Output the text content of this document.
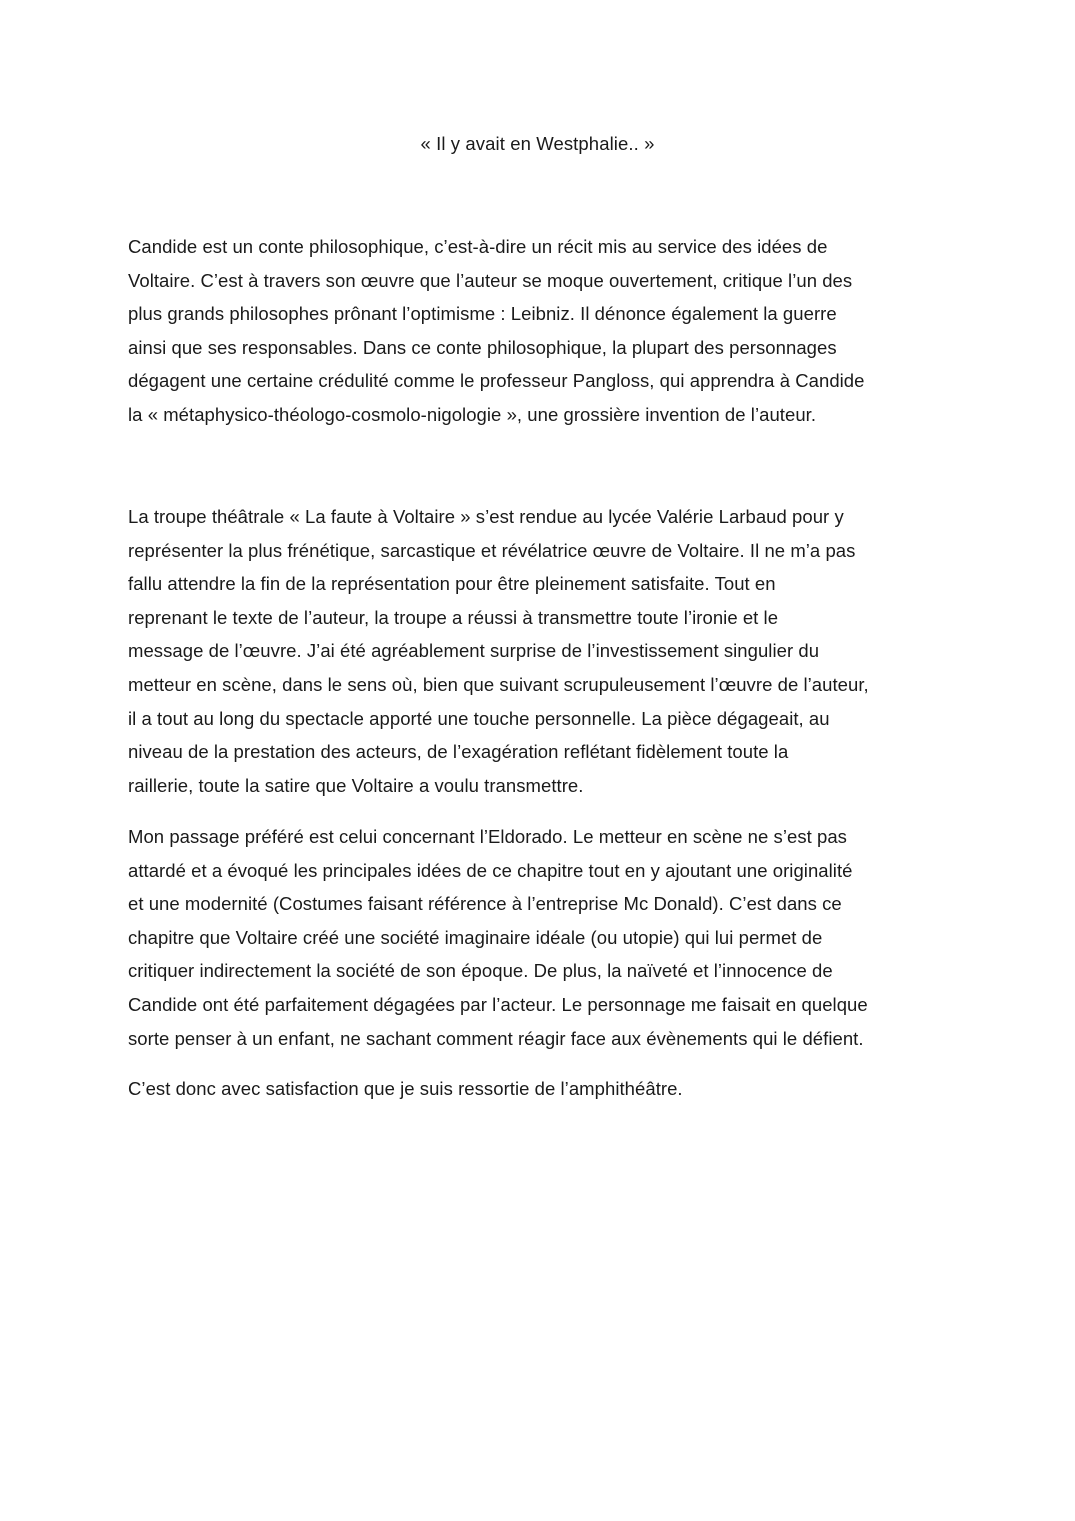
« Il y avait en Westphalie.. »

Candide est un conte philosophique, c’est-à-dire un récit mis au service des idées de
Voltaire. C’est à travers son œuvre que l’auteur se moque ouvertement, critique l’un des
plus grands philosophes prônant l’optimisme : Leibniz. Il dénonce également la guerre
ainsi que ses responsables. Dans ce conte philosophique, la plupart des personnages
dégagent une certaine crédulité comme le professeur Pangloss, qui apprendra à Candide
la « métaphysico-théologo-cosmolo-nigologie », une grossière invention de l’auteur.

La troupe théâtrale « La faute à Voltaire » s’est rendue au lycée Valérie Larbaud pour y
représenter la plus frénétique, sarcastique et révélatrice œuvre de Voltaire. Il ne m’a pas
fallu attendre la fin de la représentation pour être pleinement satisfaite. Tout en
reprenant le texte de l’auteur, la troupe a réussi à transmettre toute l’ironie et le
message de l’œuvre. J’ai été agréablement surprise de l’investissement singulier du
metteur en scène, dans le sens où, bien que suivant scrupuleusement l’œuvre de l’auteur,
il a tout au long du spectacle apporté une touche personnelle. La pièce dégageait, au
niveau de la prestation des acteurs, de l’exagération reflétant fidèlement toute la
raillerie, toute la satire que Voltaire a voulu transmettre.

Mon passage préféré est celui concernant l’Eldorado. Le metteur en scène ne s’est pas
attardé et a évoqué les principales idées de ce chapitre tout en y ajoutant une originalité
et une modernité (Costumes faisant référence à l’entreprise Mc Donald). C’est dans ce
chapitre que Voltaire créé une société imaginaire idéale (ou utopie) qui lui permet de
critiquer indirectement la société de son époque. De plus, la naïveté et l’innocence de
Candide ont été parfaitement dégagées par l’acteur. Le personnage me faisait en quelque
sorte penser à un enfant, ne sachant comment réagir face aux évènements qui le défient.

C’est donc avec satisfaction que je suis ressortie de l’amphithéâtre.
